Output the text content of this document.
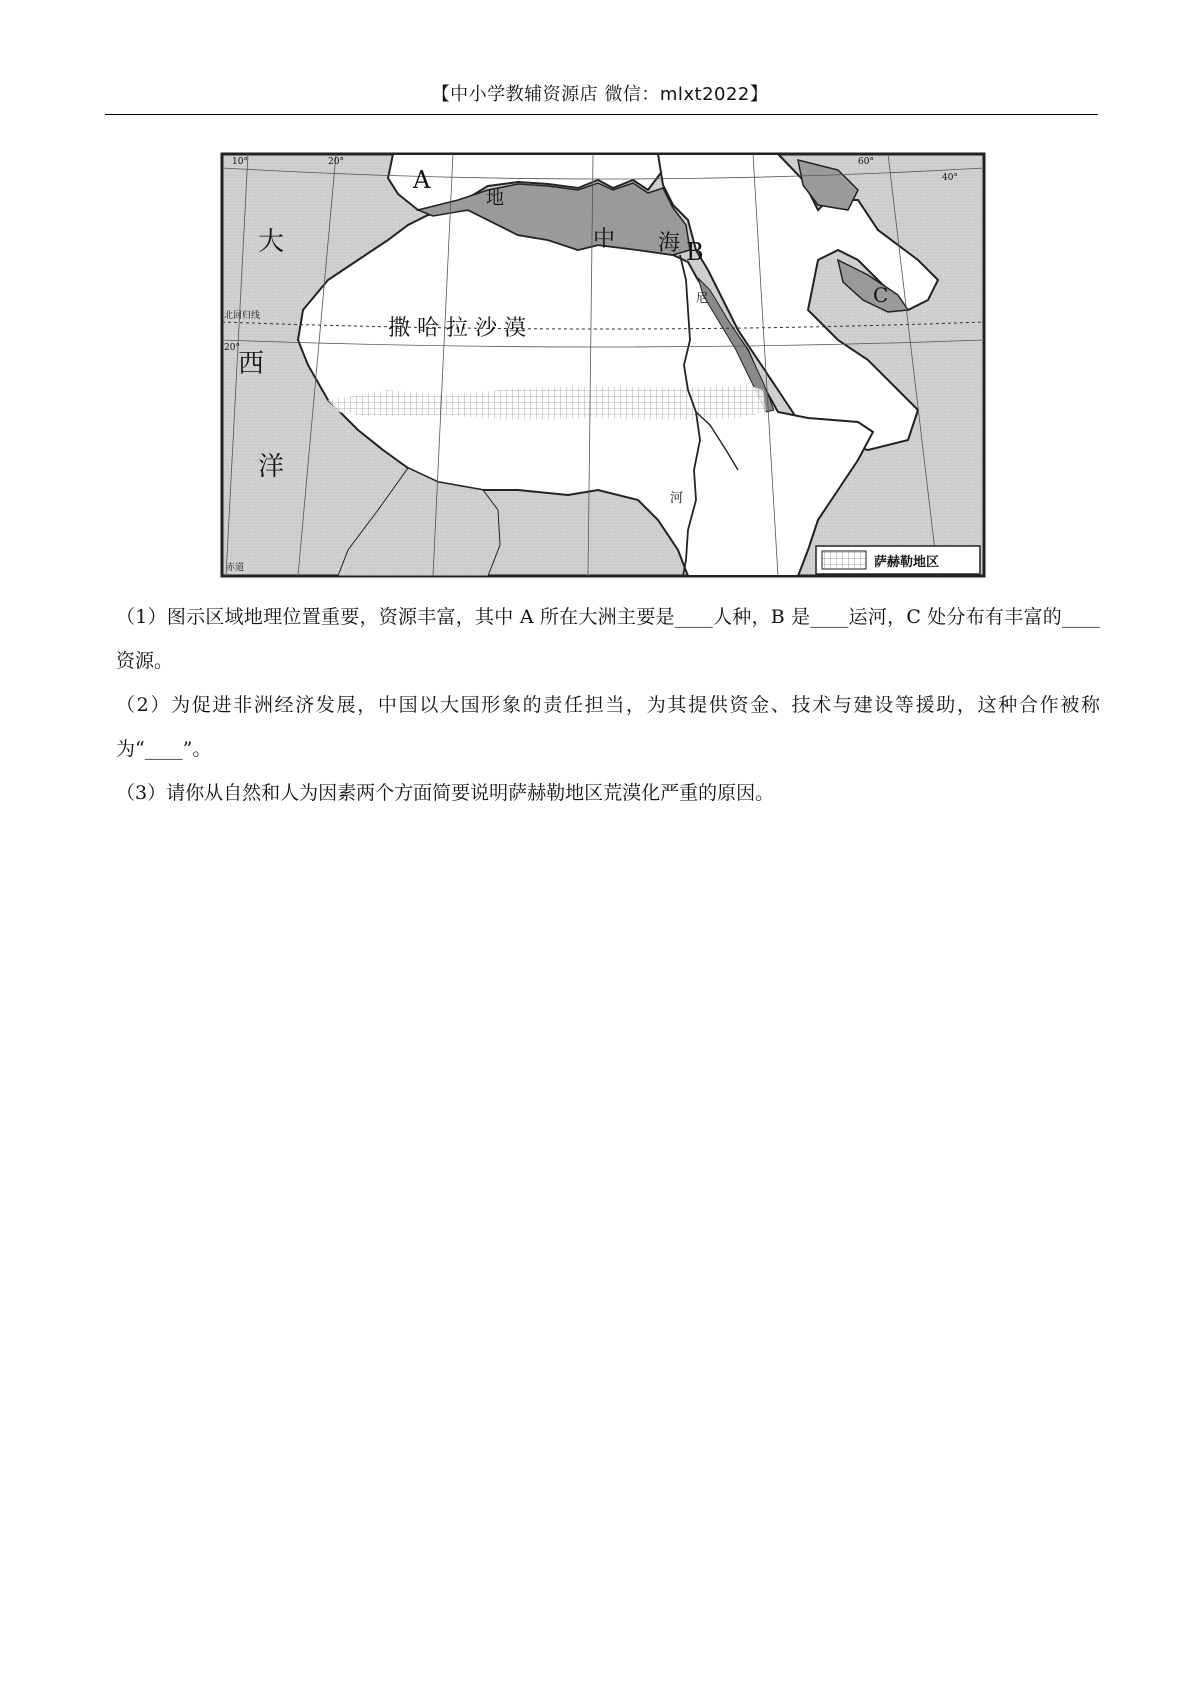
【中小学教辅资源店 微信：mlxt2022】
A
B
C
地
中 海
大
西
洋
撒 哈 拉 沙 漠
尼
河
北回归线
赤道
10°	20°	60°
40°
20°
萨赫勒地区
（1）图示区域地理位置重要，资源丰富，其中 A 所在大洲主要是____人种，B 是____运河，C 处分布有丰富的____资源。
（2）为促进非洲经济发展，中国以大国形象的责任担当，为其提供资金、技术与建设等援助，这种合作被称为“____”。
（3）请你从自然和人为因素两个方面简要说明萨赫勒地区荒漠化严重的原因。
